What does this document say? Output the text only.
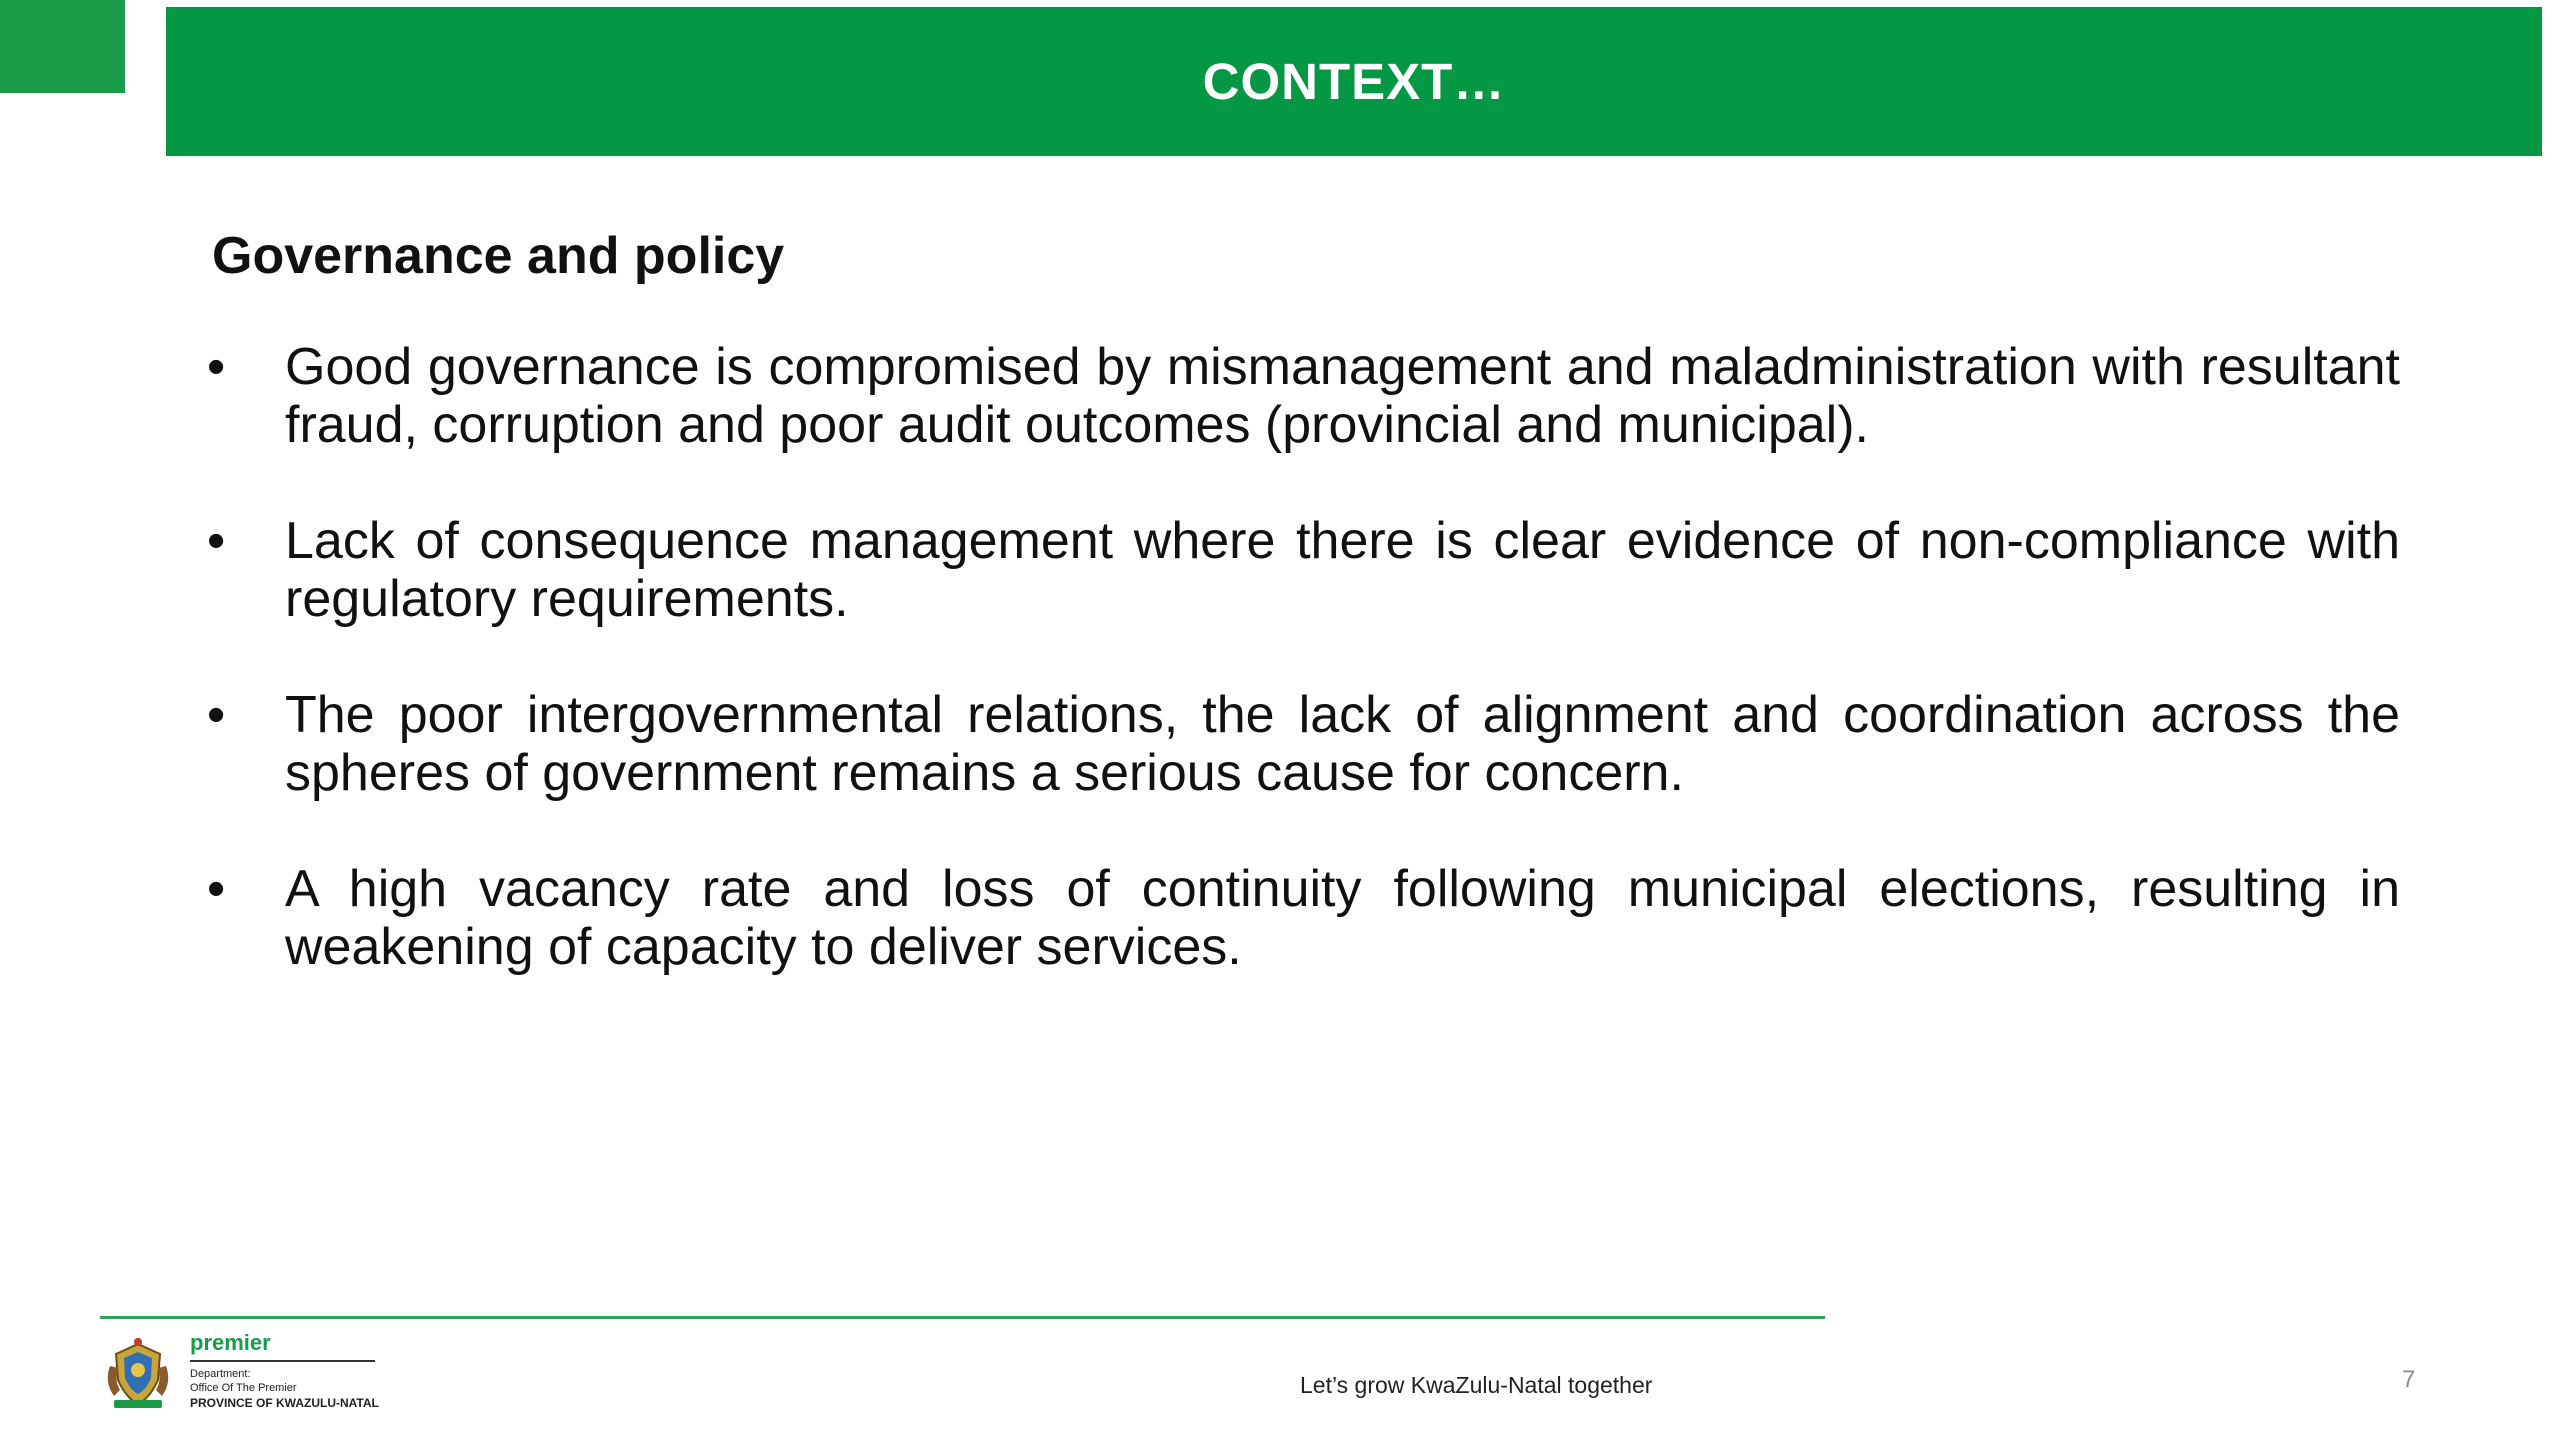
CONTEXT…
Governance and policy
•	Good governance is compromised by mismanagement and maladministration with resultant fraud, corruption and poor audit outcomes (provincial and municipal).
•	Lack of consequence management where there is clear evidence of non-compliance with regulatory requirements.
•	The poor intergovernmental relations, the lack of alignment and coordination across the spheres of government remains a serious cause for concern.
•	A high vacancy rate and loss of continuity following municipal elections, resulting in weakening of capacity to deliver services.
premier
Department:
Office Of The Premier
PROVINCE OF KWAZULU-NATAL
Let’s grow KwaZulu-Natal together	7
